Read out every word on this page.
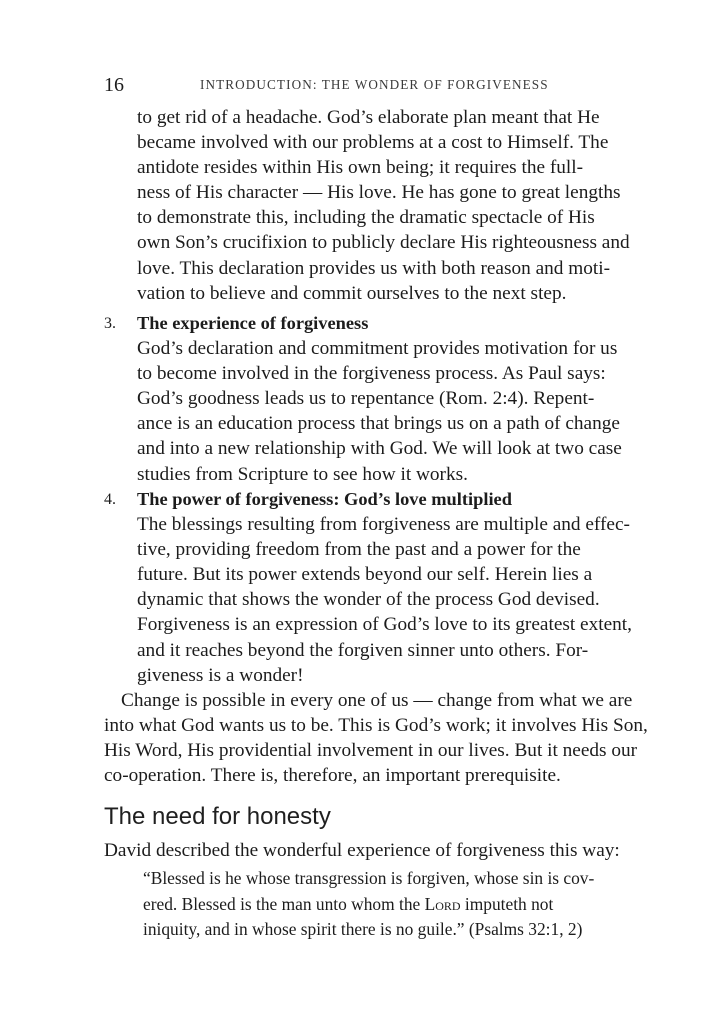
16	INTRODUCTION: THE WONDER OF FORGIVENESS
to get rid of a headache. God’s elaborate plan meant that He
became involved with our problems at a cost to Himself. The
antidote resides within His own being; it requires the full-
ness of His character — His love. He has gone to great lengths
to demonstrate this, including the dramatic spectacle of His
own Son’s crucifixion to publicly declare His righteousness and
love. This declaration provides us with both reason and moti-
vation to believe and commit ourselves to the next step.
3. The experience of forgiveness
God’s declaration and commitment provides motivation for us
to become involved in the forgiveness process. As Paul says:
God’s goodness leads us to repentance (Rom. 2:4). Repent-
ance is an education process that brings us on a path of change
and into a new relationship with God. We will look at two case
studies from Scripture to see how it works.
4. The power of forgiveness: God’s love multiplied
The blessings resulting from forgiveness are multiple and effec-
tive, providing freedom from the past and a power for the
future. But its power extends beyond our self. Herein lies a
dynamic that shows the wonder of the process God devised.
Forgiveness is an expression of God’s love to its greatest extent,
and it reaches beyond the forgiven sinner unto others. For-
giveness is a wonder!
Change is possible in every one of us — change from what we are
into what God wants us to be. This is God’s work; it involves His Son,
His Word, His providential involvement in our lives. But it needs our
co-operation. There is, therefore, an important prerequisite.
The need for honesty
David described the wonderful experience of forgiveness this way:
“Blessed is he whose transgression is forgiven, whose sin is cov-
ered. Blessed is the man unto whom the Lord imputeth not
iniquity, and in whose spirit there is no guile.” (Psalms 32:1, 2)
